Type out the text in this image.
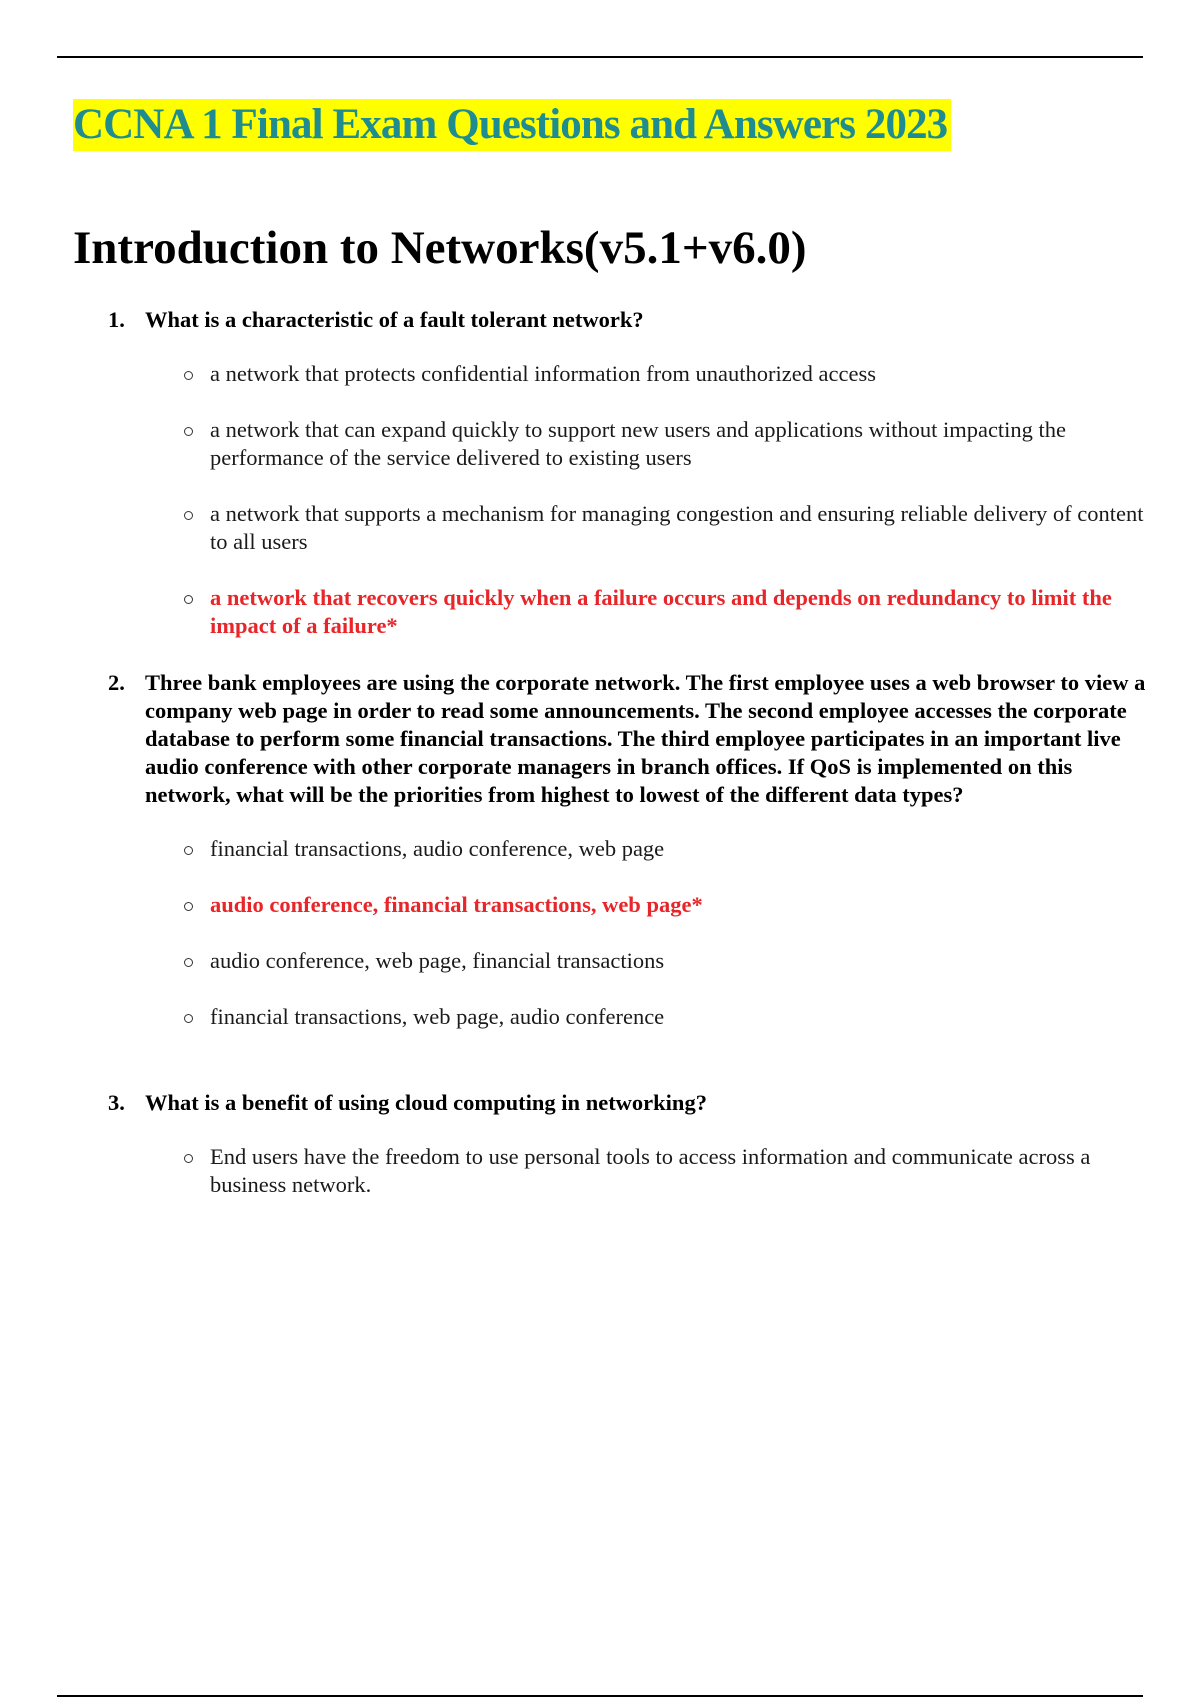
CCNA 1 Final Exam Questions and Answers 2023
Introduction to Networks(v5.1+v6.0)
1. What is a characteristic of a fault tolerant network?
a network that protects confidential information from unauthorized access
a network that can expand quickly to support new users and applications without impacting the performance of the service delivered to existing users
a network that supports a mechanism for managing congestion and ensuring reliable delivery of content to all users
a network that recovers quickly when a failure occurs and depends on redundancy to limit the impact of a failure*
2. Three bank employees are using the corporate network. The first employee uses a web browser to view a company web page in order to read some announcements. The second employee accesses the corporate database to perform some financial transactions. The third employee participates in an important live audio conference with other corporate managers in branch offices. If QoS is implemented on this network, what will be the priorities from highest to lowest of the different data types?
financial transactions, audio conference, web page
audio conference, financial transactions, web page*
audio conference, web page, financial transactions
financial transactions, web page, audio conference
3. What is a benefit of using cloud computing in networking?
End users have the freedom to use personal tools to access information and communicate across a business network.
